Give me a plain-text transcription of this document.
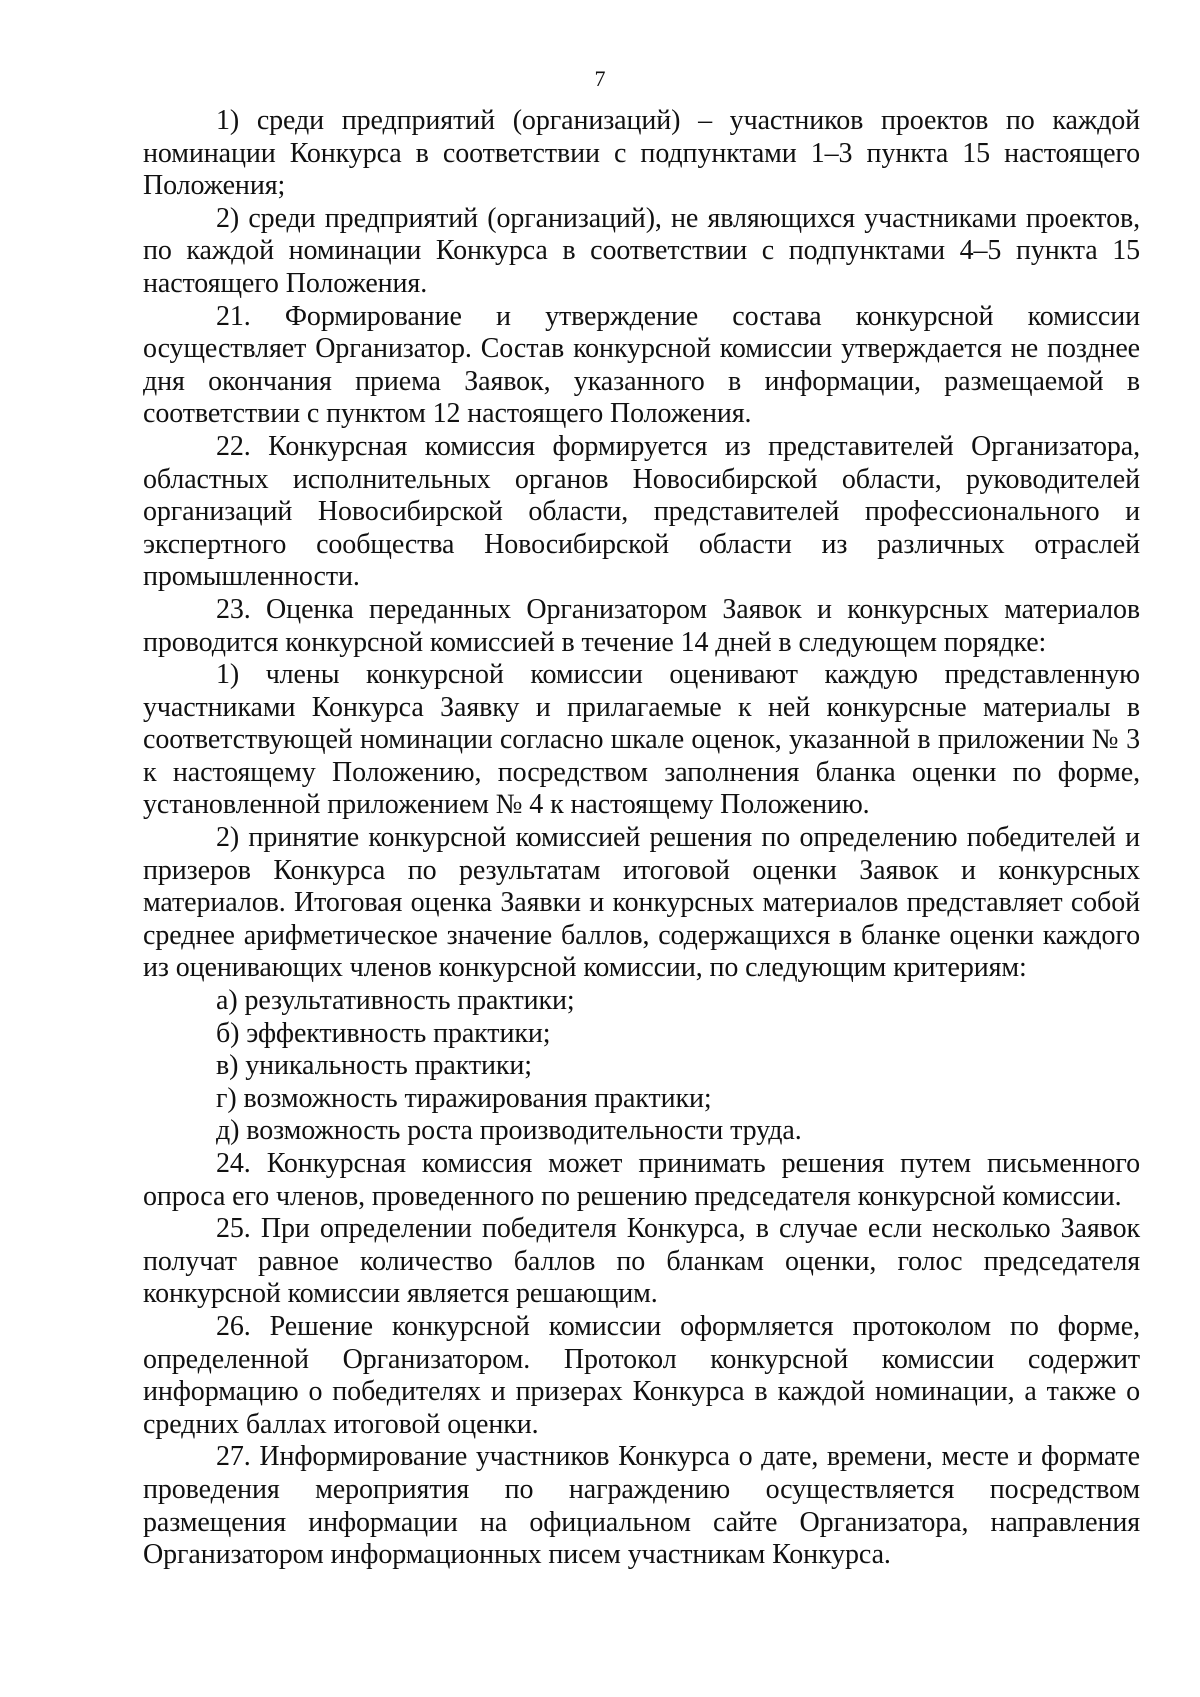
7

1) среди предприятий (организаций) – участников проектов по каждой номинации Конкурса в соответствии с подпунктами 1–3 пункта 15 настоящего Положения;

2) среди предприятий (организаций), не являющихся участниками проектов, по каждой номинации Конкурса в соответствии с подпунктами 4–5 пункта 15 настоящего Положения.

21. Формирование и утверждение состава конкурсной комиссии осуществляет Организатор. Состав конкурсной комиссии утверждается не позднее дня окончания приема Заявок, указанного в информации, размещаемой в соответствии с пунктом 12 настоящего Положения.

22. Конкурсная комиссия формируется из представителей Организатора, областных исполнительных органов Новосибирской области, руководителей организаций Новосибирской области, представителей профессионального и экспертного сообщества Новосибирской области из различных отраслей промышленности.

23. Оценка переданных Организатором Заявок и конкурсных материалов проводится конкурсной комиссией в течение 14 дней в следующем порядке:

1) члены конкурсной комиссии оценивают каждую представленную участниками Конкурса Заявку и прилагаемые к ней конкурсные материалы в соответствующей номинации согласно шкале оценок, указанной в приложении № 3 к настоящему Положению, посредством заполнения бланка оценки по форме, установленной приложением № 4 к настоящему Положению.

2) принятие конкурсной комиссией решения по определению победителей и призеров Конкурса по результатам итоговой оценки Заявок и конкурсных материалов. Итоговая оценка Заявки и конкурсных материалов представляет собой среднее арифметическое значение баллов, содержащихся в бланке оценки каждого из оценивающих членов конкурсной комиссии, по следующим критериям:

а) результативность практики;

б) эффективность практики;

в) уникальность практики;

г) возможность тиражирования практики;

д) возможность роста производительности труда.

24. Конкурсная комиссия может принимать решения путем письменного опроса его членов, проведенного по решению председателя конкурсной комиссии.

25. При определении победителя Конкурса, в случае если несколько Заявок получат равное количество баллов по бланкам оценки, голос председателя конкурсной комиссии является решающим.

26. Решение конкурсной комиссии оформляется протоколом по форме, определенной Организатором. Протокол конкурсной комиссии содержит информацию о победителях и призерах Конкурса в каждой номинации, а также о средних баллах итоговой оценки.

27. Информирование участников Конкурса о дате, времени, месте и формате проведения мероприятия по награждению осуществляется посредством размещения информации на официальном сайте Организатора, направления Организатором информационных писем участникам Конкурса.
